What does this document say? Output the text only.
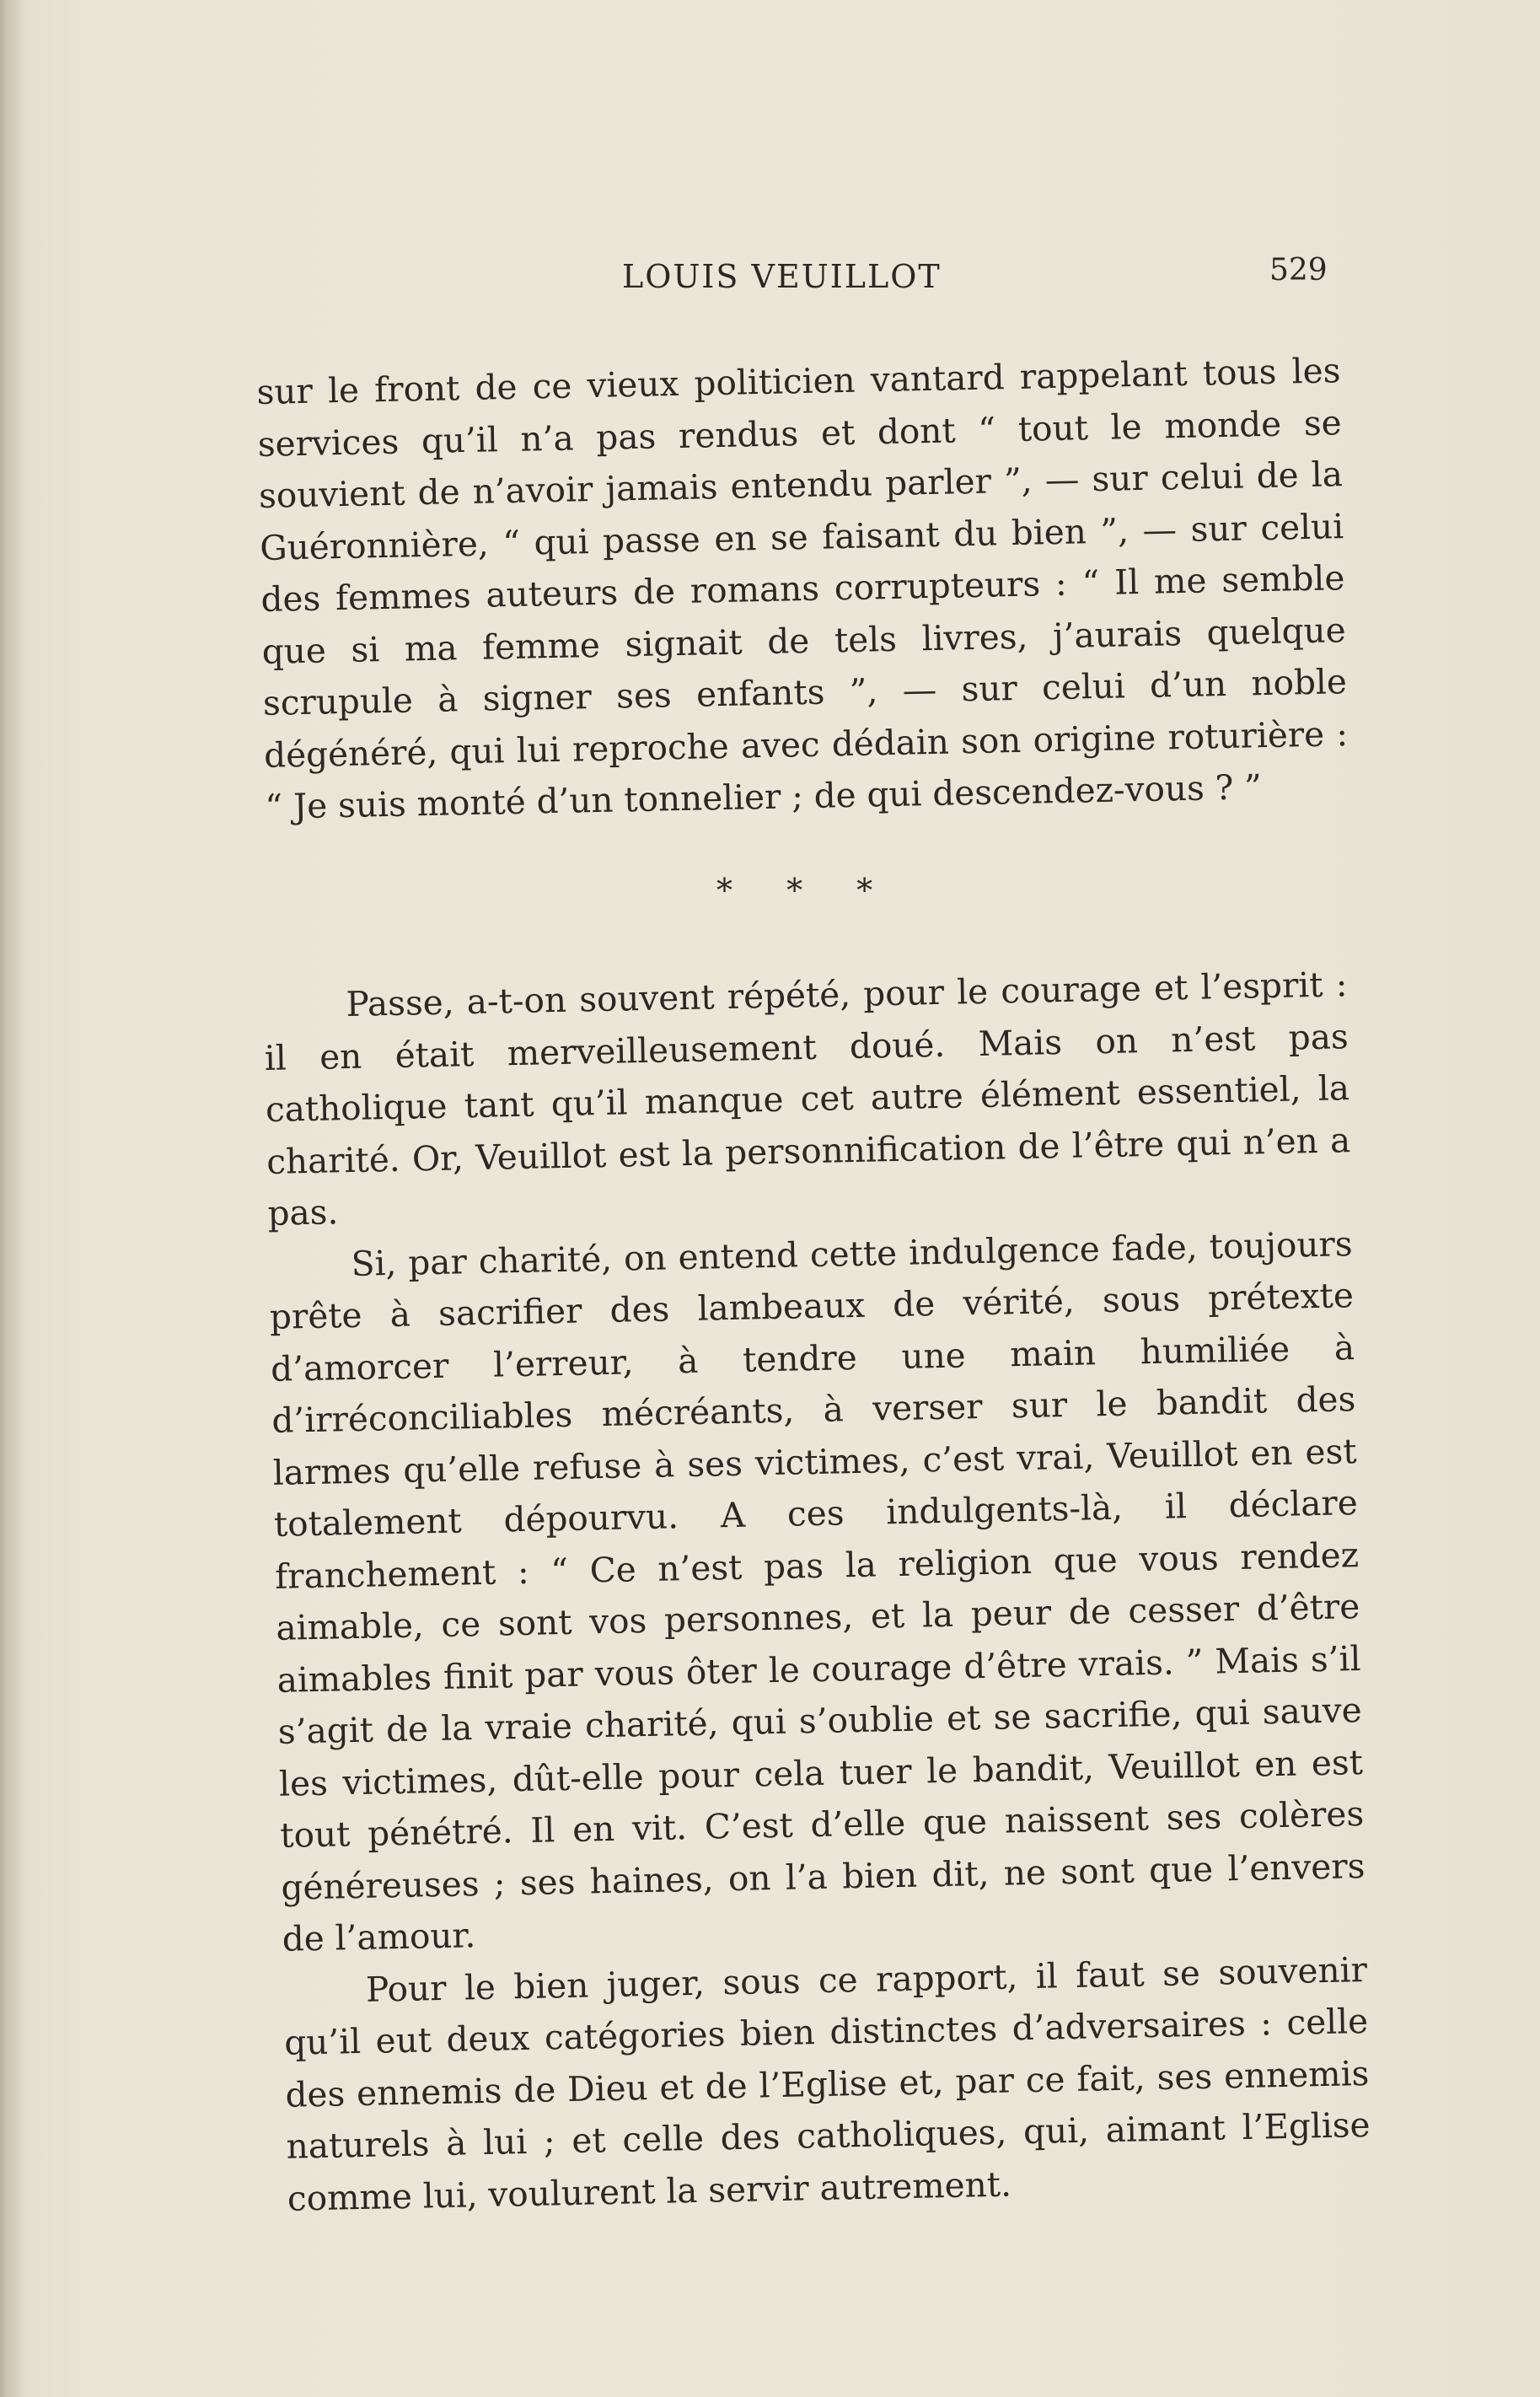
LOUIS VEUILLOT	529

sur le front de ce vieux politicien vantard rappelant tous les services qu’il n’a pas rendus et dont “ tout le monde se souvient de n’avoir jamais entendu parler ”, — sur celui de la Guéronnière, “ qui passe en se faisant du bien ”, — sur celui des femmes auteurs de romans corrupteurs : “ Il me semble que si ma femme signait de tels livres, j’aurais quelque scrupule à signer ses enfants ”, — sur celui d’un noble dégénéré, qui lui reproche avec dédain son origine roturière : “ Je suis monté d’un tonnelier ; de qui descendez-vous ? ”

* * *

Passe, a-t-on souvent répété, pour le courage et l’esprit : il en était merveilleusement doué. Mais on n’est pas catholique tant qu’il manque cet autre élément essentiel, la charité. Or, Veuillot est la personnification de l’être qui n’en a pas.

Si, par charité, on entend cette indulgence fade, toujours prête à sacrifier des lambeaux de vérité, sous prétexte d’amorcer l’erreur, à tendre une main humiliée à d’irréconciliables mécréants, à verser sur le bandit des larmes qu’elle refuse à ses victimes, c’est vrai, Veuillot en est totalement dépourvu. A ces indulgents-là, il déclare franchement : “ Ce n’est pas la religion que vous rendez aimable, ce sont vos personnes, et la peur de cesser d’être aimables finit par vous ôter le courage d’être vrais. ” Mais s’il s’agit de la vraie charité, qui s’oublie et se sacrifie, qui sauve les victimes, dût-elle pour cela tuer le bandit, Veuillot en est tout pénétré. Il en vit. C’est d’elle que naissent ses colères généreuses ; ses haines, on l’a bien dit, ne sont que l’envers de l’amour.

Pour le bien juger, sous ce rapport, il faut se souvenir qu’il eut deux catégories bien distinctes d’adversaires : celle des ennemis de Dieu et de l’Eglise et, par ce fait, ses ennemis naturels à lui ; et celle des catholiques, qui, aimant l’Eglise comme lui, voulurent la servir autrement.
